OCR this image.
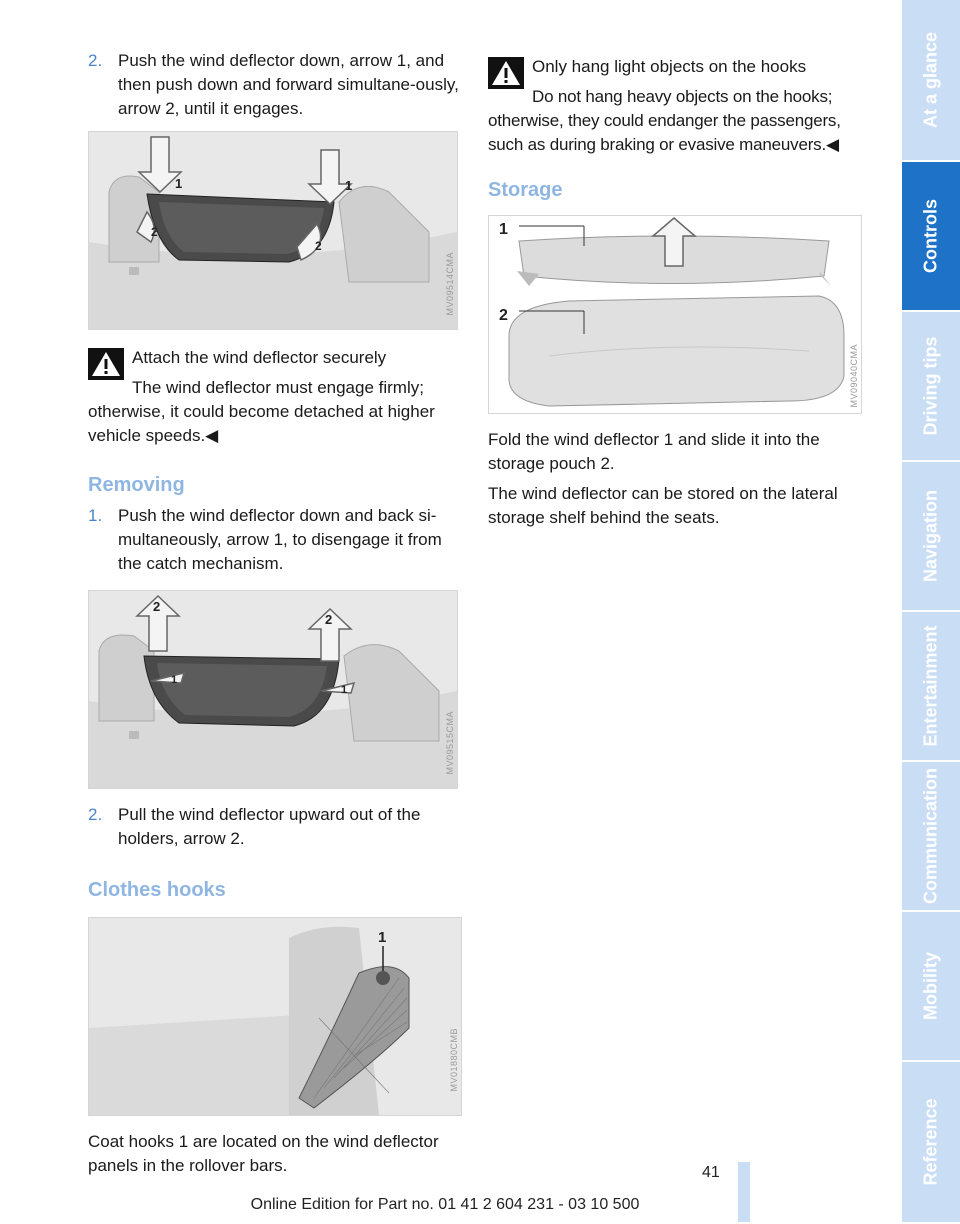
2. Push the wind deflector down, arrow 1, and then push down and forward simultane-ously, arrow 2, until it engages.
1	1
2
2
MV09514CMA

Attach the wind deflector securely

The wind deflector must engage firmly; otherwise, it could become detached at higher vehicle speeds.◀

Removing
1. Push the wind deflector down and back si-multaneously, arrow 1, to disengage it from the catch mechanism.
2
2
1
1
MV09515CMA
2. Pull the wind deflector upward out of the holders, arrow 2.
Clothes hooks
1
MV01880CMB

Coat hooks 1 are located on the wind deflector panels in the rollover bars.

Only hang light objects on the hooks

Do not hang heavy objects on the hooks; otherwise, they could endanger the passengers, such as during braking or evasive maneuvers.◀

Storage
1
2
MV09040CMA

Fold the wind deflector 1 and slide it into the storage pouch 2.

The wind deflector can be stored on the lateral storage shelf behind the seats.

At a glance
Controls
Driving tips
Navigation
Entertainment
Communication
Mobility
Reference
41
Online Edition for Part no. 01 41 2 604 231 - 03 10 500
